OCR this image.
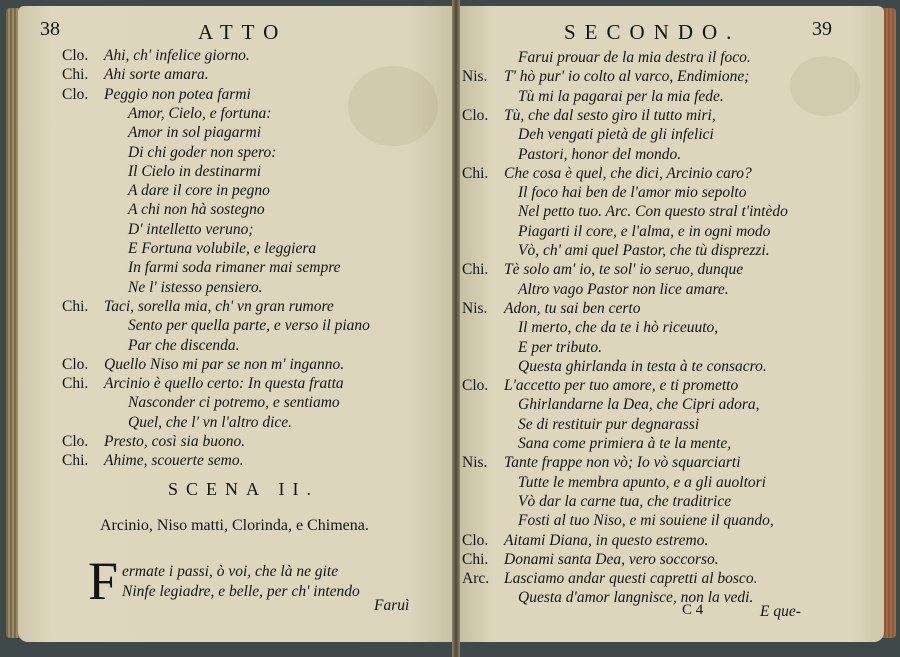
38	ATTO
Clo. Ahi, ch' infelice giorno.
Chi. Ahi sorte amara.
Clo. Peggio non potea farmi
Amor, Cielo, e fortuna:
Amor in sol piagarmi
Di chi goder non spero:
Il Cielo in destinarmi
A dare il core in pegno
A chi non hà sostegno
D' intelletto veruno;
E Fortuna volubile, e leggiera
In farmi soda rimaner mai sempre
Ne l' istesso pensiero.
Chi. Taci, sorella mia, ch' vn gran rumore
Sento per quella parte, e verso il piano
Par che discenda.
Clo. Quello Niso mi par se non m' inganno.
Chi. Arcinio è quello certo: In questa fratta
Nasconder ci potremo, e sentiamo
Quel, che l' vn l'altro dice.
Clo. Presto, così sia buono.
Chi. Ahime, scouerte semo.
SCENA II.
Arcinio, Niso matti, Clorinda, e Chimena.
F ermate i passi, ò voi, che là ne gite
Ninfe legiadre, e belle, per ch' intendo
Faruì
SECONDO.	39
Farui prouar de la mia destra il foco.
Nis. T' hò pur' io colto al varco, Endimione;
Tù mi la pagarai per la mia fede.
Clo. Tù, che dal sesto giro il tutto miri,
Deh vengati pietà de gli infelici
Pastori, honor del mondo.
Chi. Che cosa è quel, che dici, Arcinio caro?
Il foco hai ben de l'amor mio sepolto
Nel petto tuo. Arc. Con questo stral t'intèdo
Piagarti il core, e l'alma, e in ogni modo
Vò, ch' ami quel Pastor, che tù disprezzi.
Chi. Tè solo am' io, te sol' io seruo, dunque
Altro vago Pastor non lice amare.
Nis. Adon, tu sai ben certo
Il merto, che da te i hò riceuuto,
E per tributo.
Questa ghirlanda in testa à te consacro.
Clo. L'accetto per tuo amore, e ti prometto
Ghirlandarne la Dea, che Cipri adora,
Se di restituir pur degnarassi
Sana come primiera à te la mente,
Nis. Tante frappe non vò; Io vò squarciarti
Tutte le membra apunto, e a gli auoltori
Vò dar la carne tua, che traditrice
Fosti al tuo Niso, e mi souiene il quando,
Clo. Aitami Diana, in questo estremo.
Chi. Donami santa Dea, vero soccorso.
Arc. Lasciamo andar questi capretti al bosco.
Questa d'amor langnisce, non la vedi.
C 4	E que-
